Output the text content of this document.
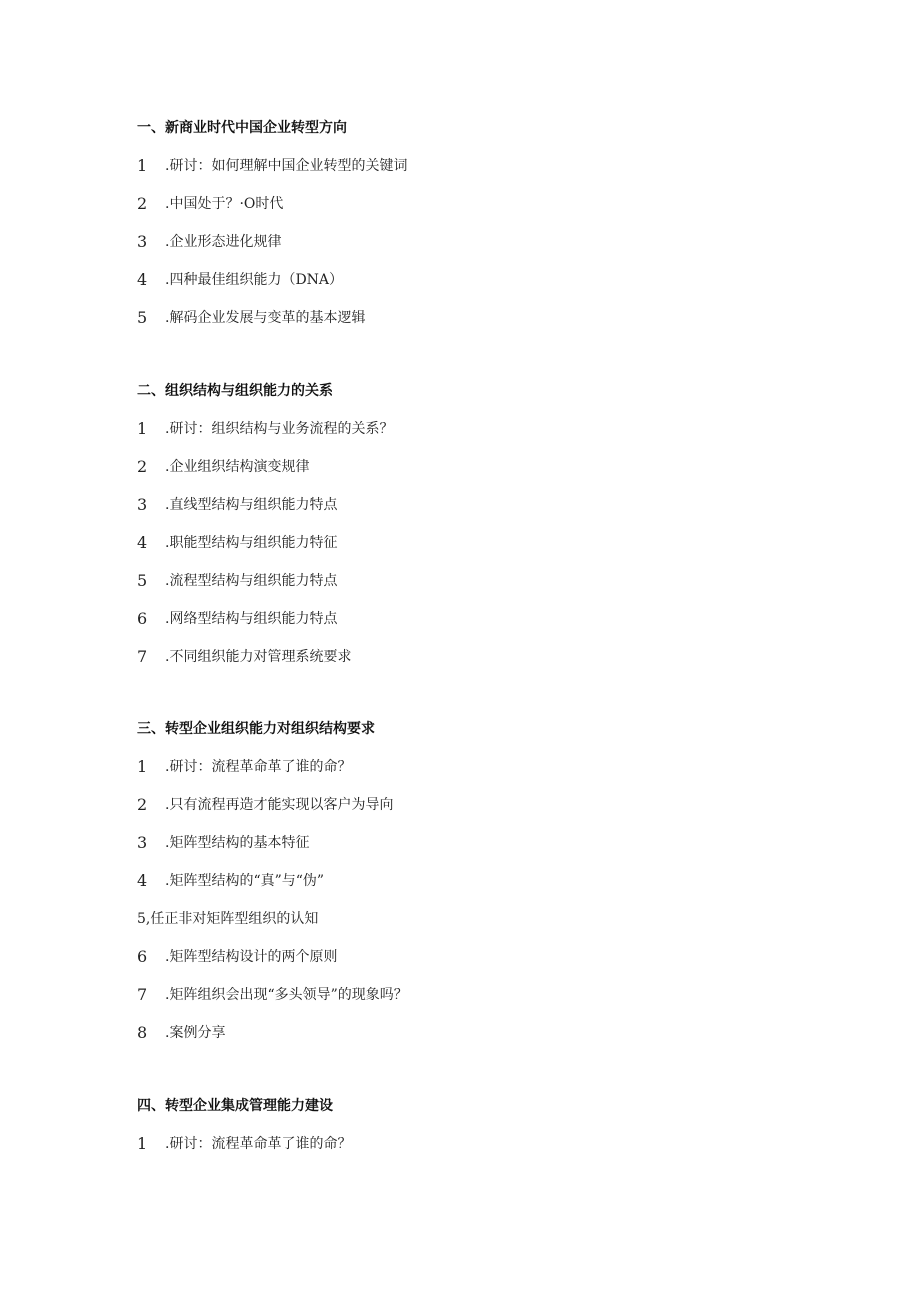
一、新商业时代中国企业转型方向
1	.研讨：如何理解中国企业转型的关键词
2	.中国处于？·O时代
3	.企业形态进化规律
4	.四种最佳组织能力（DNA）
5	.解码企业发展与变革的基本逻辑
二、组织结构与组织能力的关系
1	.研讨：组织结构与业务流程的关系？
2	.企业组织结构演变规律
3	.直线型结构与组织能力特点
4	.职能型结构与组织能力特征
5	.流程型结构与组织能力特点
6	.网络型结构与组织能力特点
7	.不同组织能力对管理系统要求
三、转型企业组织能力对组织结构要求
1	.研讨：流程革命革了谁的命？
2	.只有流程再造才能实现以客户为导向
3	.矩阵型结构的基本特征
4	.矩阵型结构的“真”与“伪”
5,任正非对矩阵型组织的认知
6	.矩阵型结构设计的两个原则
7	.矩阵组织会出现“多头领导”的现象吗？
8	.案例分享
四、转型企业集成管理能力建设
1	.研讨：流程革命革了谁的命？
